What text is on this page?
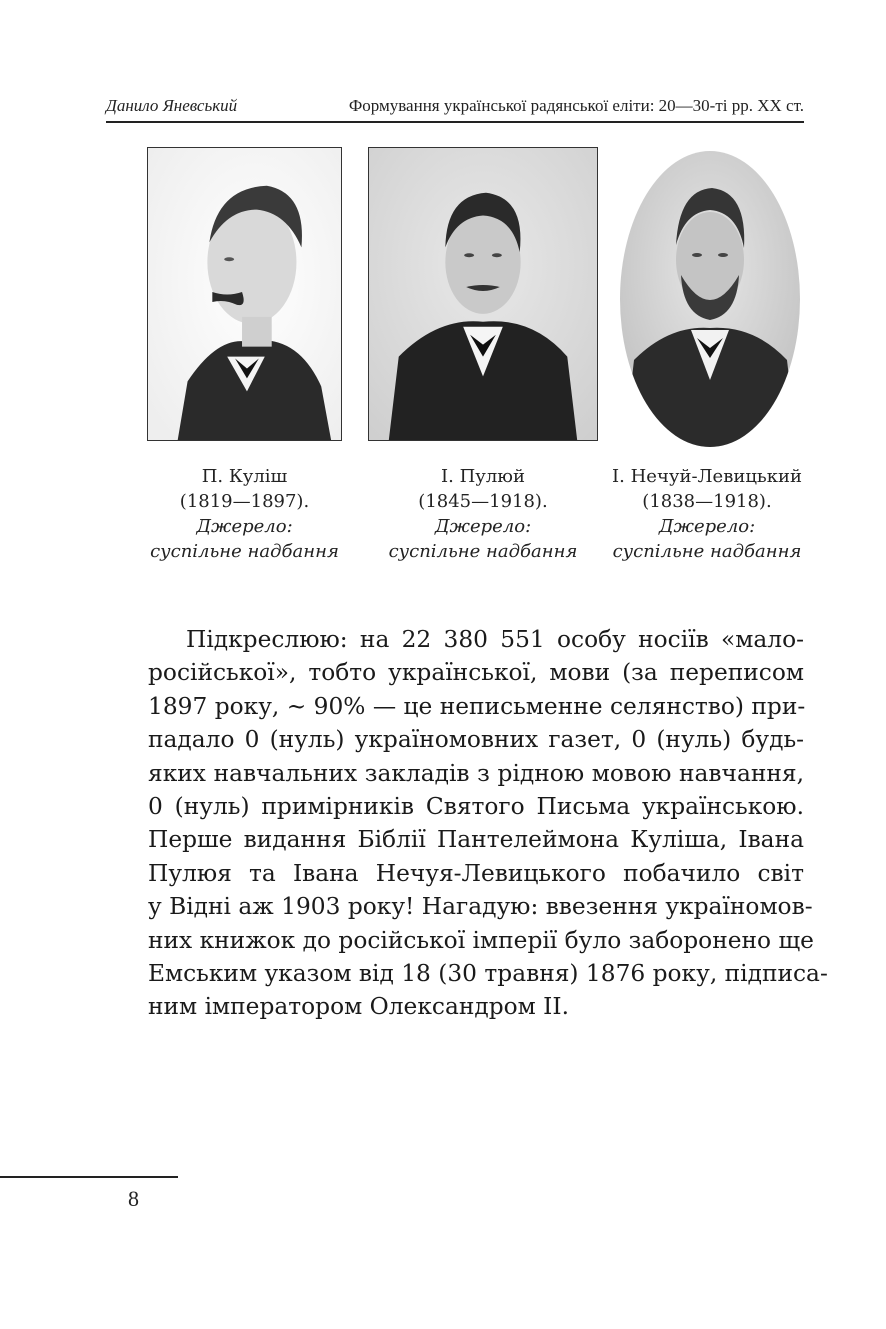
Данило Яневський	Формування української радянської еліти: 20—30-ті рр. ХХ ст.
П. Куліш
(1819—1897).
Джерело:
суспільне надбання
І. Пулюй
(1845—1918).
Джерело:
суспільне надбання
І. Нечуй-Левицький
(1838—1918).
Джерело:
суспільне надбання
Підкреслюю: на 22 380 551 особу носіїв «мало-
російської», тобто української, мови (за переписом
1897 року, ~ 90% — це неписьменне селянство) при-
падало 0 (нуль) україномовних газет, 0 (нуль) будь-
яких навчальних закладів з рідною мовою навчання,
0 (нуль) примірників Святого Письма українською.
Перше видання Біблії Пантелеймона Куліша, Івана
Пулюя та Івана Нечуя-Левицького побачило світ
у Відні аж 1903 року! Нагадую: ввезення україномов-
них книжок до російської імперії було заборонено ще
Емським указом від 18 (30 травня) 1876 року, підписа-
ним імператором Олександром ІІ.
8
